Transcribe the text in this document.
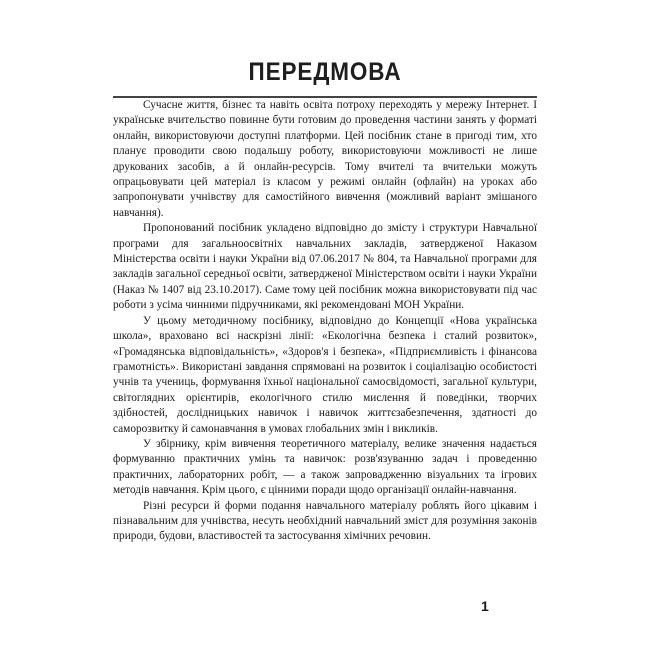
ПЕРЕДМОВА

Сучасне життя, бізнес та навіть освіта потроху переходять у мережу Інтернет. І українське вчительство повинне бути готовим до проведення частини занять у форматі онлайн, використовуючи доступні платформи. Цей посібник стане в пригоді тим, хто планує проводити свою подальшу роботу, використовуючи можливості не лише друкованих засобів, а й онлайн-ресурсів. Тому вчителі та вчительки можуть опрацьовувати цей матеріал із класом у режимі онлайн (офлайн) на уроках або запропонувати учнівству для самостійного вивчення (можливий варіант змішаного навчання).

Пропонований посібник укладено відповідно до змісту і структури Навчальної програми для загальноосвітніх навчальних закладів, затвердженої Наказом Міністерства освіти і науки України від 07.06.2017 № 804, та Навчальної програми для закладів загальної середньої освіти, затвердженої Міністерством освіти і науки України (Наказ № 1407 від 23.10.2017). Саме тому цей посібник можна використовувати під час роботи з усіма чинними підручниками, які рекомендовані МОН України.

У цьому методичному посібнику, відповідно до Концепції «Нова українська школа», враховано всі наскрізні лінії: «Екологічна безпека і сталий розвиток», «Громадянська відповідальність», «Здоров'я і безпека», «Підприємливість і фінансова грамотність». Використані завдання спрямовані на розвиток і соціалізацію особистості учнів та учениць, формування їхньої національної самосвідомості, загальної культури, світоглядних орієнтирів, екологічного стилю мислення й поведінки, творчих здібностей, дослідницьких навичок і навичок життєзабезпечення, здатності до саморозвитку й самонавчання в умовах глобальних змін і викликів.

У збірнику, крім вивчення теоретичного матеріалу, велике значення надається формуванню практичних умінь та навичок: розв'язуванню задач і проведенню практичних, лабораторних робіт, — а також запровадженню візуальних та ігрових методів навчання. Крім цього, є цінними поради щодо організації онлайн-навчання.

Різні ресурси й форми подання навчального матеріалу роблять його цікавим і пізнавальним для учнівства, несуть необхідний навчальний зміст для розуміння законів природи, будови, властивостей та застосування хімічних речовин.

1
